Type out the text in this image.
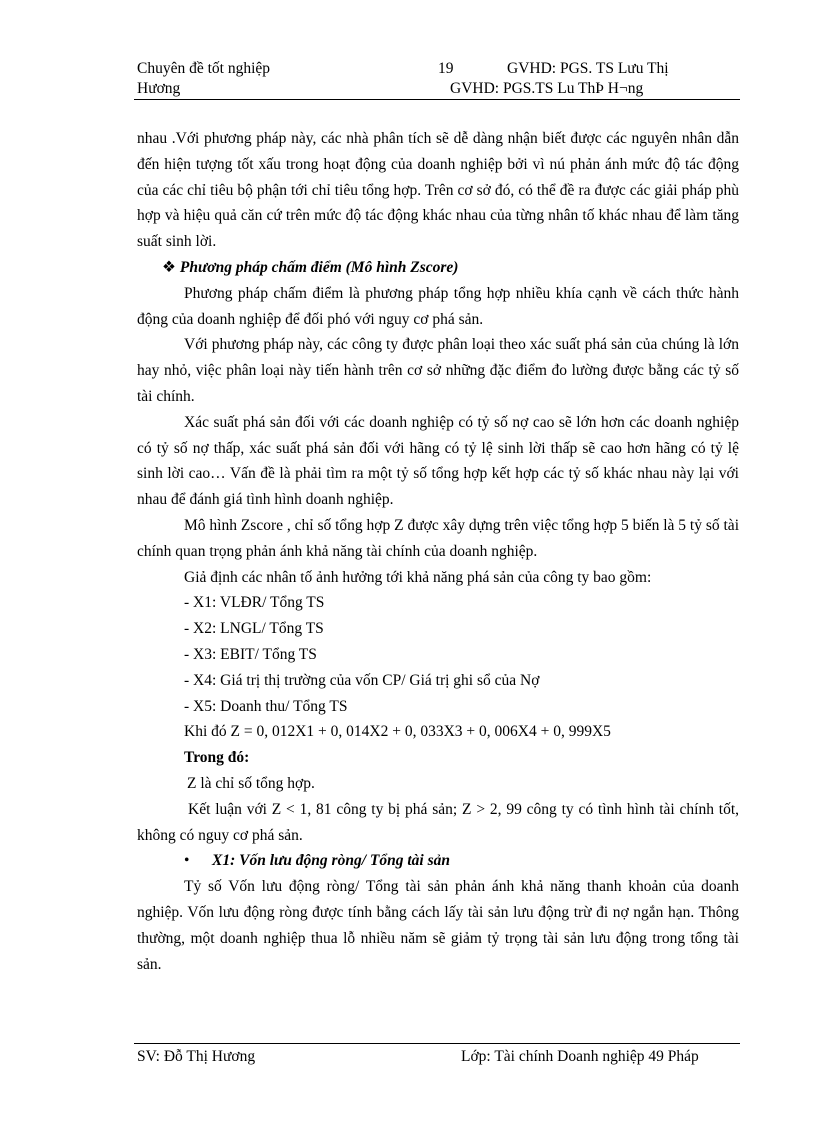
Chuyên đề tốt nghiệp	19	GVHD: PGS. TS Lưu Thị
Hương	GVHD: PGS.TS Lu ThÞ H¬ng

nhau .Với phương pháp này, các nhà phân tích sẽ dễ dàng nhận biết được các nguyên nhân dẫn đến hiện tượng tốt xấu trong hoạt động của doanh nghiệp bởi vì nú phản ánh mức độ tác động của các chỉ tiêu bộ phận tới chỉ tiêu tổng hợp. Trên cơ sở đó, có thể đề ra được các giải pháp phù hợp và hiệu quả căn cứ trên mức độ tác động khác nhau của từng nhân tố khác nhau để làm tăng suất sinh lời.

❖ Phương pháp chấm điểm (Mô hình Zscore)

Phương pháp chấm điểm là phương pháp tổng hợp nhiều khía cạnh về cách thức hành động của doanh nghiệp để đối phó với nguy cơ phá sản.

Với phương pháp này, các công ty được phân loại theo xác suất phá sản của chúng là lớn hay nhỏ, việc phân loại này tiến hành trên cơ sở những đặc điểm đo lường được bằng các tỷ số tài chính.

Xác suất phá sản đối với các doanh nghiệp có tỷ số nợ cao sẽ lớn hơn các doanh nghiệp có tỷ số nợ thấp, xác suất phá sản đối với hãng có tỷ lệ sinh lời thấp sẽ cao hơn hãng có tỷ lệ sinh lời cao… Vấn đề là phải tìm ra một tỷ số tổng hợp kết hợp các tỷ số khác nhau này lại với nhau để đánh giá tình hình doanh nghiệp.

Mô hình Zscore , chỉ số tổng hợp Z được xây dựng trên việc tổng hợp 5 biến là 5 tỷ số tài chính quan trọng phản ánh khả năng tài chính của doanh nghiệp.

Giả định các nhân tố ảnh hưởng tới khả năng phá sản của công ty bao gồm:

- X1: VLĐR/ Tổng TS

- X2: LNGL/ Tổng TS

- X3: EBIT/ Tổng TS

- X4: Giá trị thị trường của vốn CP/ Giá trị ghi sổ của Nợ

- X5: Doanh thu/ Tổng TS

Khi đó Z = 0, 012X1 + 0, 014X2 + 0, 033X3 + 0, 006X4 + 0, 999X5

Trong đó:

Z là chỉ số tổng hợp.

Kết luận với Z < 1, 81 công ty bị phá sản; Z > 2, 99 công ty có tình hình tài chính tốt, không có nguy cơ phá sản.

• X1: Vốn lưu động ròng/ Tổng tài sản

Tỷ số Vốn lưu động ròng/ Tổng tài sản phản ánh khả năng thanh khoản của doanh nghiệp. Vốn lưu động ròng được tính bằng cách lấy tài sản lưu động trừ đi nợ ngắn hạn. Thông thường, một doanh nghiệp thua lỗ nhiều năm sẽ giảm tỷ trọng tài sản lưu động trong tổng tài sản.

SV: Đỗ Thị Hương	Lớp: Tài chính Doanh nghiệp 49 Pháp
